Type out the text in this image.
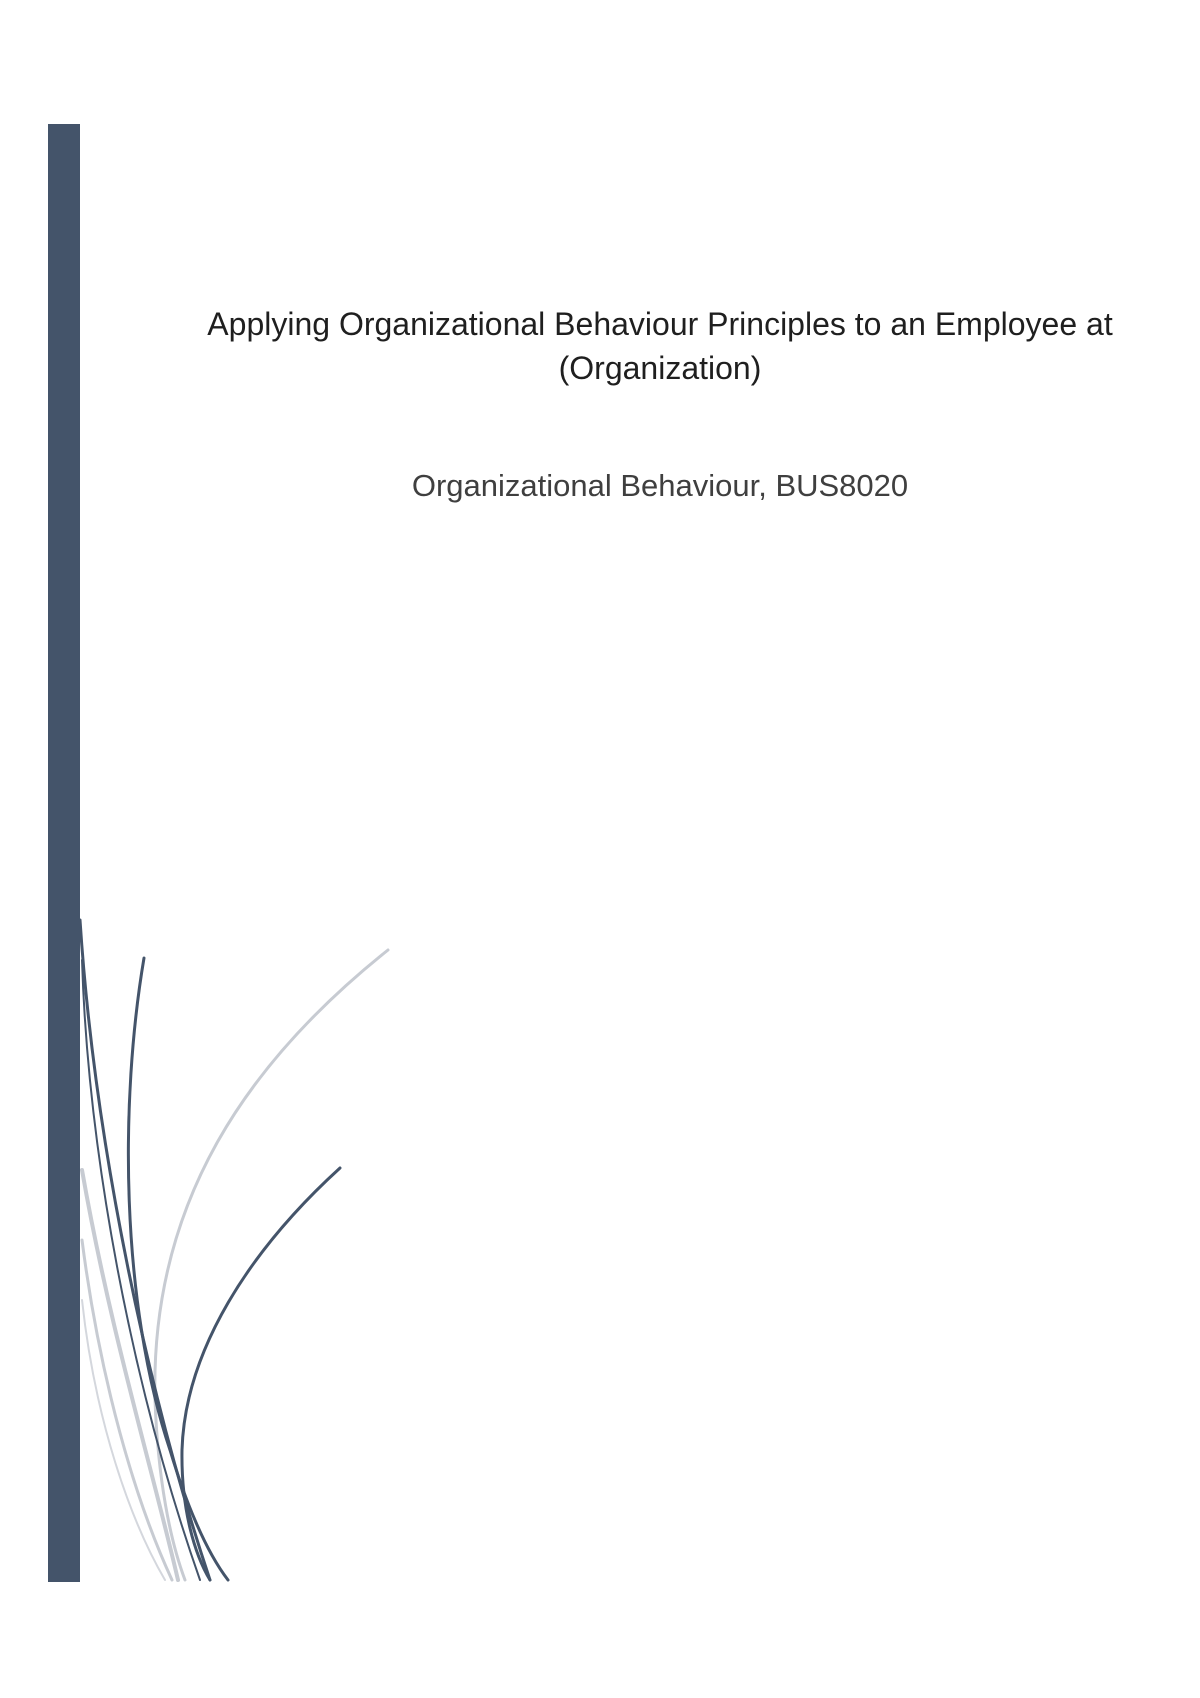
Applying Organizational Behaviour Principles to an Employee at
(Organization)
Organizational Behaviour, BUS8020
